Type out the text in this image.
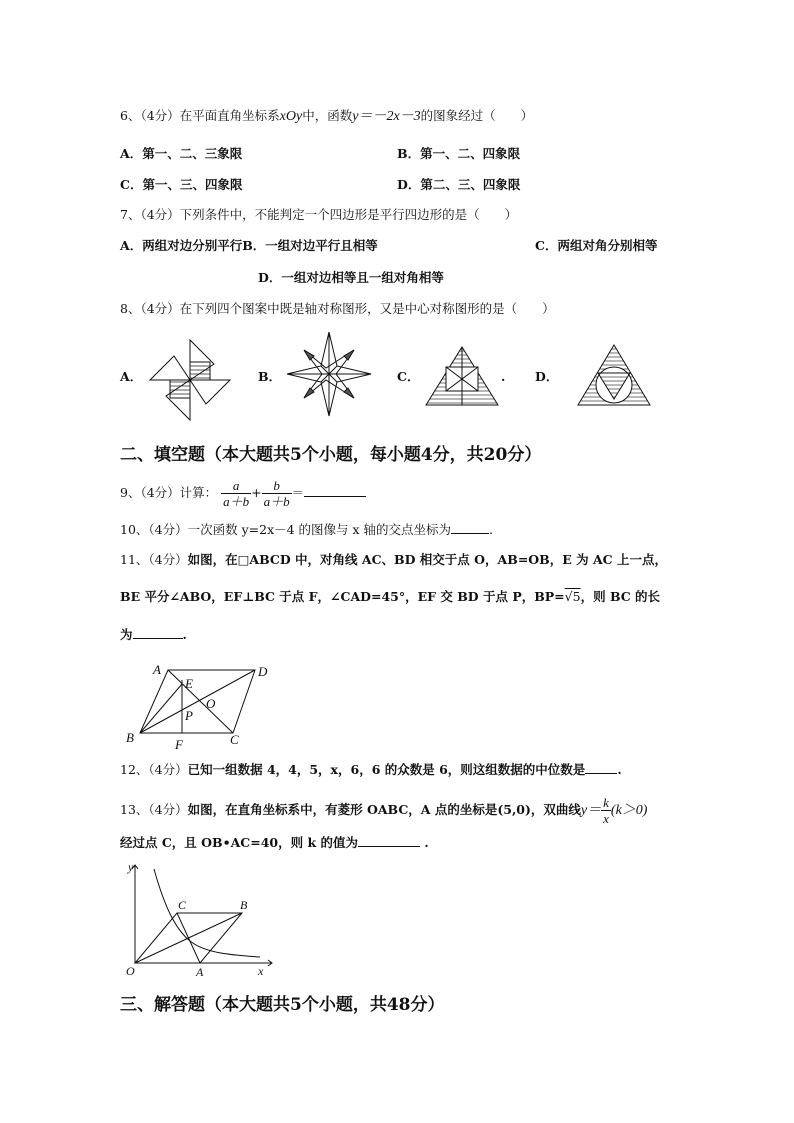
6、（4分）在平面直角坐标系xOy中，函数y＝－2x－3的图象经过（　　）
A．第一、二、三象限	B．第一、二、四象限
C．第一、三、四象限	D．第二、三、四象限
7、（4分）下列条件中，不能判定一个四边形是平行四边形的是（　　）
A．两组对边分别平行B．一组对边平行且相等	C．两组对角分别相等
D．一组对边相等且一组对角相等
8、（4分）在下列四个图案中既是轴对称图形，又是中心对称图形的是（　　）
A．	B．	C．	. D．
二、填空题（本大题共5个小题，每小题4分，共20分）
9、（4分）计算： $\frac{a}{a+b} + \frac{b}{a+b}$ ＝
10、（4分）一次函数 y=2x－4 的图像与 x 轴的交点坐标为	.
11、（4分）如图，在□ABCD 中，对角线 AC、BD 相交于点 O，AB=OB，E 为 AC 上一点，
BE 平分∠ABO，EF⊥BC 于点 F，∠CAD=45°，EF 交 BD 于点 P，BP=√5，则 BC 的长
为	.
A	D
B	C
E
O
P
F
12、（4分）已知一组数据 4，4，5，x，6，6 的众数是 6，则这组数据的中位数是	.
13、（4分）如图，在直角坐标系中，有菱形 OABC，A 点的坐标是(5,0)，双曲线$y= \frac{k}{x} (k>0)$
经过点 C，且 OB•AC=40，则 k 的值为	.
y
x
O	A
B
C
三、解答题（本大题共5个小题，共48分）
